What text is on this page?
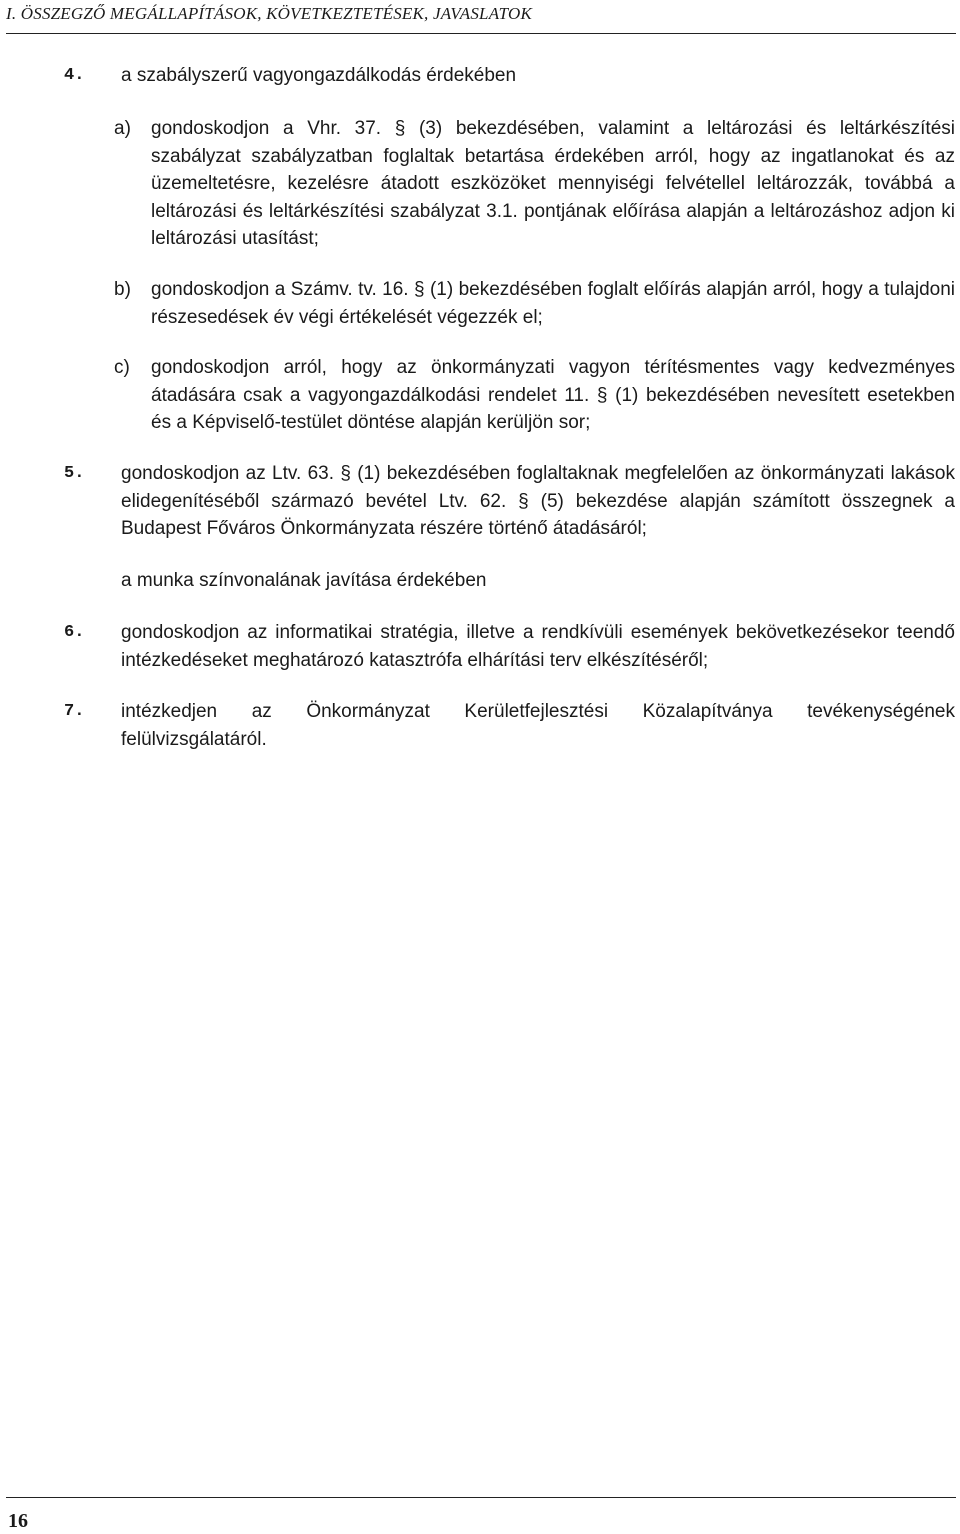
I. ÖSSZEGZŐ MEGÁLLAPÍTÁSOK, KÖVETKEZTETÉSEK, JAVASLATOK
4. a szabályszerű vagyongazdálkodás érdekében
a) gondoskodjon a Vhr. 37. § (3) bekezdésében, valamint a leltározási és leltárkészítési szabályzat szabályzatban foglaltak betartása érdekében arról, hogy az ingatlanokat és az üzemeltetésre, kezelésre átadott eszközöket mennyiségi felvétellel leltározzák, továbbá a leltározási és leltárkészítési szabályzat 3.1. pontjának előírása alapján a leltározáshoz adjon ki leltározási utasítást;
b) gondoskodjon a Számv. tv. 16. § (1) bekezdésében foglalt előírás alapján arról, hogy a tulajdoni részesedések év végi értékelését végezzék el;
c) gondoskodjon arról, hogy az önkormányzati vagyon térítésmentes vagy kedvezményes átadására csak a vagyongazdálkodási rendelet 11. § (1) bekezdésében nevesített esetekben és a Képviselő-testület döntése alapján kerüljön sor;
5. gondoskodjon az Ltv. 63. § (1) bekezdésében foglaltaknak megfelelően az önkormányzati lakások elidegenítéséből származó bevétel Ltv. 62. § (5) bekezdése alapján számított összegnek a Budapest Főváros Önkormányzata részére történő átadásáról;
a munka színvonalának javítása érdekében
6. gondoskodjon az informatikai stratégia, illetve a rendkívüli események bekövetkezésekor teendő intézkedéseket meghatározó katasztrófa elhárítási terv elkészítéséről;
7. intézkedjen az Önkormányzat Kerületfejlesztési Közalapítványa tevékenységének felülvizsgálatáról.
16
